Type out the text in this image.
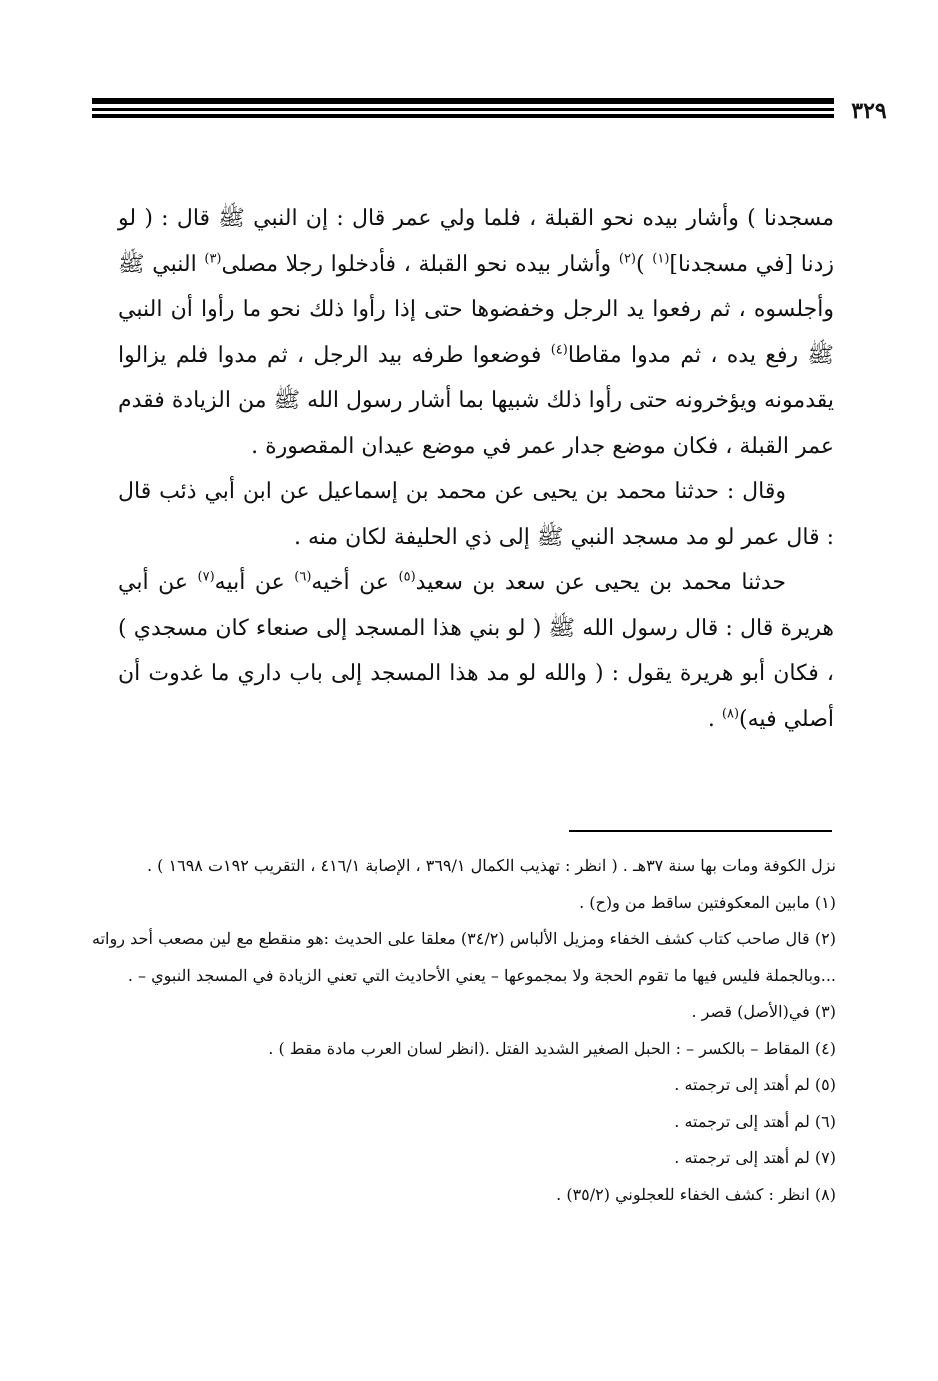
٣٢٩

مسجدنا ) وأشار بيده نحو القبلة ، فلما ولي عمر قال : إن النبي ﷺ قال : ( لو زدنا [في مسجدنا]$^{(١)}$ )$^{(٢)}$ وأشار بيده نحو القبلة ، فأدخلوا رجلا مصلى$^{(٣)}$ النبي ﷺ وأجلسوه ، ثم رفعوا يد الرجل وخفضوها حتى إذا رأوا ذلك نحو ما رأوا أن النبي ﷺ رفع يده ، ثم مدوا مقاطا$^{(٤)}$ فوضعوا طرفه بيد الرجل ، ثم مدوا فلم يزالوا يقدمونه ويؤخرونه حتى رأوا ذلك شبيها بما أشار رسول الله ﷺ من الزيادة فقدم عمر القبلة ، فكان موضع جدار عمر في موضع عيدان المقصورة .

وقال : حدثنا محمد بن يحيى عن محمد بن إسماعيل عن ابن أبي ذئب قال : قال عمر لو مد مسجد النبي ﷺ إلى ذي الحليفة لكان منه .

حدثنا محمد بن يحيى عن سعد بن سعيد$^{(٥)}$ عن أخيه$^{(٦)}$ عن أبيه$^{(٧)}$ عن أبي هريرة قال : قال رسول الله ﷺ ( لو بني هذا المسجد إلى صنعاء كان مسجدي ) ، فكان أبو هريرة يقول : ( والله لو مد هذا المسجد إلى باب داري ما غدوت أن أصلي فيه)$^{(٨)}$ .

نزل الكوفة ومات بها سنة ٣٧هـ . ( انظر : تهذيب الكمال ٣٦٩/١ ، الإصابة ٤١٦/١ ، التقريب ١٩٢ت ١٦٩٨ ) .

(١) مابين المعكوفتين ساقط من و(ح) .

(٢) قال صاحب كتاب كشف الخفاء ومزيل الألباس (٣٤/٢) معلقا على الحديث :هو منقطع مع لين مصعب أحد رواته ...وبالجملة فليس فيها ما تقوم الحجة ولا بمجموعها – يعني الأحاديث التي تعني الزيادة في المسجد النبوي – .

(٣) في(الأصل) قصر .

(٤) المقاط – بالكسر – : الحبل الصغير الشديد الفتل .(انظر لسان العرب مادة مقط ) .

(٥) لم أهتد إلى ترجمته .

(٦) لم أهتد إلى ترجمته .

(٧) لم أهتد إلى ترجمته .

(٨) انظر : كشف الخفاء للعجلوني (٣٥/٢) .
